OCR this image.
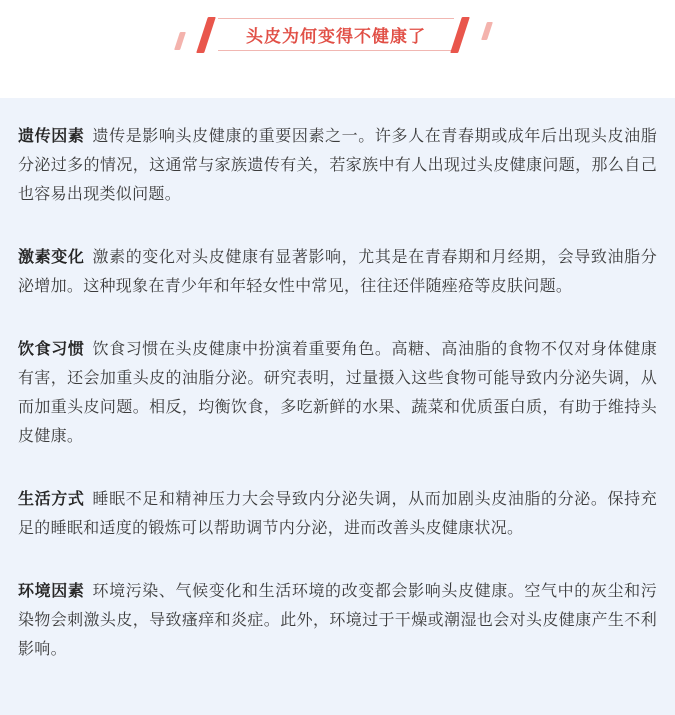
头皮为何变得不健康了

遗传因素 遗传是影响头皮健康的重要因素之一。许多人在青春期或成年后出现头皮油脂分泌过多的情况，这通常与家族遗传有关，若家族中有人出现过头皮健康问题，那么自己也容易出现类似问题。

激素变化 激素的变化对头皮健康有显著影响，尤其是在青春期和月经期，会导致油脂分泌增加。这种现象在青少年和年轻女性中常见，往往还伴随痤疮等皮肤问题。

饮食习惯 饮食习惯在头皮健康中扮演着重要角色。高糖、高油脂的食物不仅对身体健康有害，还会加重头皮的油脂分泌。研究表明，过量摄入这些食物可能导致内分泌失调，从而加重头皮问题。相反，均衡饮食，多吃新鲜的水果、蔬菜和优质蛋白质，有助于维持头皮健康。

生活方式 睡眠不足和精神压力大会导致内分泌失调，从而加剧头皮油脂的分泌。保持充足的睡眠和适度的锻炼可以帮助调节内分泌，进而改善头皮健康状况。

环境因素 环境污染、气候变化和生活环境的改变都会影响头皮健康。空气中的灰尘和污染物会刺激头皮，导致瘙痒和炎症。此外，环境过于干燥或潮湿也会对头皮健康产生不利影响。
